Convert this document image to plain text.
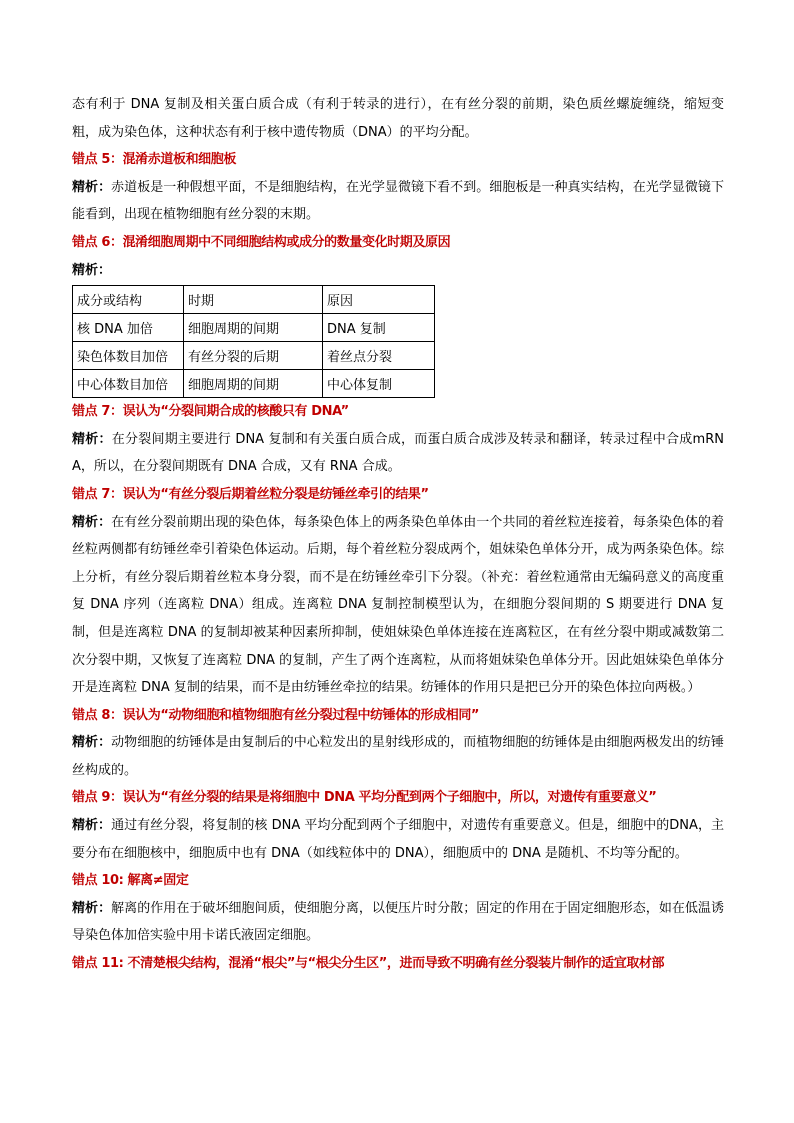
态有利于 DNA 复制及相关蛋白质合成（有利于转录的进行），在有丝分裂的前期，染色质丝螺旋缠绕，缩短变粗，成为染色体，这种状态有利于核中遗传物质（DNA）的平均分配。

错点 5：混淆赤道板和细胞板

精析：赤道板是一种假想平面，不是细胞结构，在光学显微镜下看不到。细胞板是一种真实结构，在光学显微镜下能看到，出现在植物细胞有丝分裂的末期。

错点 6：混淆细胞周期中不同细胞结构或成分的数量变化时期及原因

精析：

成分或结构	时期	原因
核 DNA 加倍	细胞周期的间期	DNA 复制
染色体数目加倍	有丝分裂的后期	着丝点分裂
中心体数目加倍	细胞周期的间期	中心体复制

错点 7：误认为“分裂间期合成的核酸只有 DNA”

精析：在分裂间期主要进行 DNA 复制和有关蛋白质合成，而蛋白质合成涉及转录和翻译，转录过程中合成mRNA，所以，在分裂间期既有 DNA 合成，又有 RNA 合成。

错点 7：误认为“有丝分裂后期着丝粒分裂是纺锤丝牵引的结果”

精析：在有丝分裂前期出现的染色体，每条染色体上的两条染色单体由一个共同的着丝粒连接着，每条染色体的着丝粒两侧都有纺锤丝牵引着染色体运动。后期，每个着丝粒分裂成两个，姐妹染色单体分开，成为两条染色体。综上分析，有丝分裂后期着丝粒本身分裂，而不是在纺锤丝牵引下分裂。（补充：着丝粒通常由无编码意义的高度重复 DNA 序列（连离粒 DNA）组成。连离粒 DNA 复制控制模型认为，在细胞分裂间期的 S 期要进行 DNA 复制，但是连离粒 DNA 的复制却被某种因素所抑制，使姐妹染色单体连接在连离粒区，在有丝分裂中期或减数第二次分裂中期，又恢复了连离粒 DNA 的复制，产生了两个连离粒，从而将姐妹染色单体分开。因此姐妹染色单体分开是连离粒 DNA 复制的结果，而不是由纺锤丝牵拉的结果。纺锤体的作用只是把已分开的染色体拉向两极。）

错点 8：误认为“动物细胞和植物细胞有丝分裂过程中纺锤体的形成相同”

精析：动物细胞的纺锤体是由复制后的中心粒发出的星射线形成的，而植物细胞的纺锤体是由细胞两极发出的纺锤丝构成的。

错点 9：误认为“有丝分裂的结果是将细胞中 DNA 平均分配到两个子细胞中，所以，对遗传有重要意义”

精析：通过有丝分裂，将复制的核 DNA 平均分配到两个子细胞中，对遗传有重要意义。但是，细胞中的DNA，主要分布在细胞核中，细胞质中也有 DNA（如线粒体中的 DNA），细胞质中的 DNA 是随机、不均等分配的。

错点 10: 解离≠固定

精析：解离的作用在于破坏细胞间质，使细胞分离，以便压片时分散；固定的作用在于固定细胞形态，如在低温诱导染色体加倍实验中用卡诺氏液固定细胞。

错点 11: 不清楚根尖结构，混淆“根尖”与“根尖分生区”，进而导致不明确有丝分裂装片制作的适宜取材部
